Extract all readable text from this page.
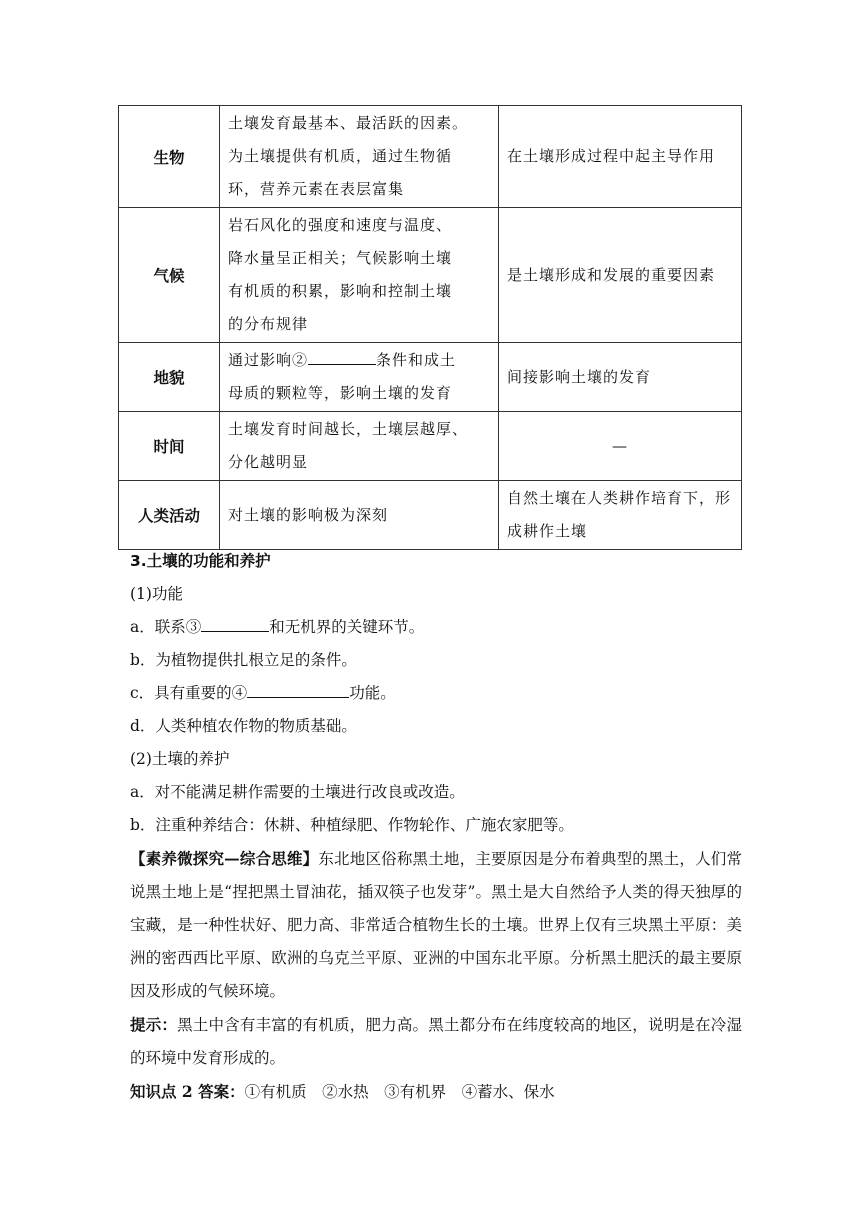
生物	土壤发育最基本、最活跃的因素。
为土壤提供有机质，通过生物循
环，营养元素在表层富集	在土壤形成过程中起主导作用

气候	岩石风化的强度和速度与温度、
降水量呈正相关；气候影响土壤
有机质的积累，影响和控制土壤
的分布规律	是土壤形成和发展的重要因素

地貌	通过影响② 条件和成土
母质的颗粒等，影响土壤的发育	间接影响土壤的发育

时间	土壤发育时间越长，土壤层越厚、
分化越明显	—

人类活动	对土壤的影响极为深刻	自然土壤在人类耕作培育下，形
成耕作土壤

3.土壤的功能和养护

(1)功能

a．联系③	和无机界的关键环节。

b．为植物提供扎根立足的条件。

c．具有重要的④	功能。

d．人类种植农作物的物质基础。

(2)土壤的养护

a．对不能满足耕作需要的土壤进行改良或改造。

b．注重种养结合：休耕、种植绿肥、作物轮作、广施农家肥等。

【素养微探究—综合思维】东北地区俗称黑土地，主要原因是分布着典型的黑土，人们常说黑土地上是“捏把黑土冒油花，插双筷子也发芽”。黑土是大自然给予人类的得天独厚的宝藏，是一种性状好、肥力高、非常适合植物生长的土壤。世界上仅有三块黑土平原：美洲的密西西比平原、欧洲的乌克兰平原、亚洲的中国东北平原。分析黑土肥沃的最主要原因及形成的气候环境。

提示：黑土中含有丰富的有机质，肥力高。黑土都分布在纬度较高的地区，说明是在冷湿的环境中发育形成的。

知识点 2 答案：①有机质　②水热　③有机界　④蓄水、保水
